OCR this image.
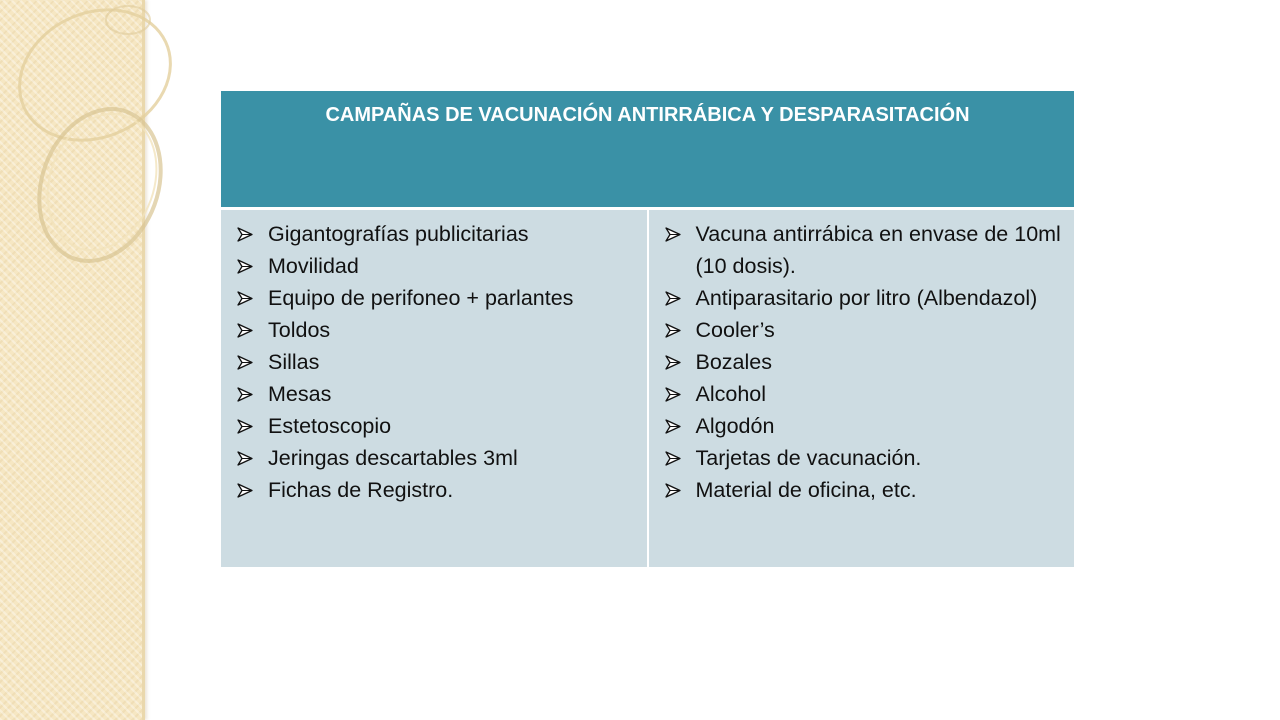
CAMPAÑAS DE VACUNACIÓN ANTIRRÁBICA Y DESPARASITACIÓN

Gigantografías publicitarias
Movilidad
Equipo de perifoneo + parlantes
Toldos
Sillas
Mesas
Estetoscopio
Jeringas descartables 3ml
Fichas de Registro.

Vacuna antirrábica en envase de 10ml (10 dosis).
Antiparasitario por litro (Albendazol)
Cooler’s
Bozales
Alcohol
Algodón
Tarjetas de vacunación.
Material de oficina, etc.
